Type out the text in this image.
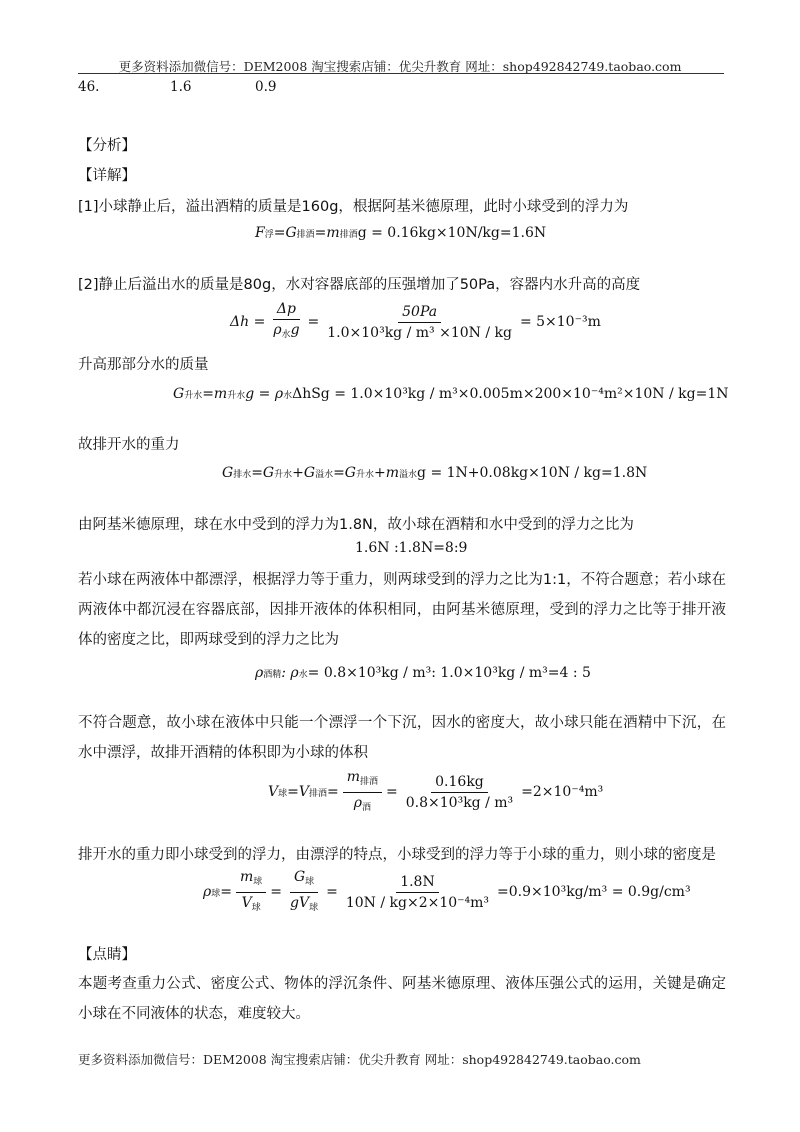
更多资料添加微信号：DEM2008 淘宝搜索店铺：优尖升教育 网址：shop492842749.taobao.com
46.	1.6	0.9
【分析】
【详解】
[1]小球静止后，溢出酒精的质量是160g，根据阿基米德原理，此时小球受到的浮力为
F 浮 =G 排酒 =m 排酒 g = 0.16kg×10N/kg=1.6N
[2]静止后溢出水的质量是80g，水对容器底部的压强增加了50Pa，容器内水升高的高度
$\Delta h = \frac{\Delta p}{\rho_水g} = \frac{50Pa}{\text{1.0×10³kg / m³ ×10N / kg}} = 5\times 10^{-3}m$
升高那部分水的质量
G 升水 =m 升水 g = ρ 水 ΔhSg = 1.0×10³kg / m³×0.005m×200×10⁻⁴m²×10N / kg=1N
故排开水的重力
G 排水 =G 升水 +G 溢水 =G 升水 +m 溢水 g = 1N+0.08kg×10N / kg=1.8N
由阿基米德原理，球在水中受到的浮力为1.8N，故小球在酒精和水中受到的浮力之比为
1.6N :1.8N=8:9
若小球在两液体中都漂浮，根据浮力等于重力，则两球受到的浮力之比为1:1，不符合题意；若小球在两液体中都沉浸在容器底部，因排开液体的体积相同，由阿基米德原理，受到的浮力之比等于排开液体的密度之比，即两球受到的浮力之比为
ρ 酒精 : ρ 水 = 0.8×10³kg / m³: 1.0×10³kg / m³=4 : 5
不符合题意，故小球在液体中只能一个漂浮一个下沉，因水的密度大，故小球只能在酒精中下沉，在水中漂浮，故排开酒精的体积即为小球的体积
V 球 =V 排酒 = $\frac{m_{排酒}}{\rho_酒} = \frac{0.16kg}{\text{0.8×10³kg / m³}} =2\times 10^{-4}m^3$
排开水的重力即小球受到的浮力，由漂浮的特点，小球受到的浮力等于小球的重力，则小球的密度是
ρ 球 = $\frac{m_球}{V_球} = \frac{G_球}{gV_球} = \frac{1.8N}{\text{10N / kg×2×10⁻⁴m³}} =0.9\times 10^3kg/m^3 = 0.9g/cm^3$
【点睛】
本题考查重力公式、密度公式、物体的浮沉条件、阿基米德原理、液体压强公式的运用，关键是确定小球在不同液体的状态，难度较大。
更多资料添加微信号：DEM2008 淘宝搜索店铺：优尖升教育 网址：shop492842749.taobao.com
